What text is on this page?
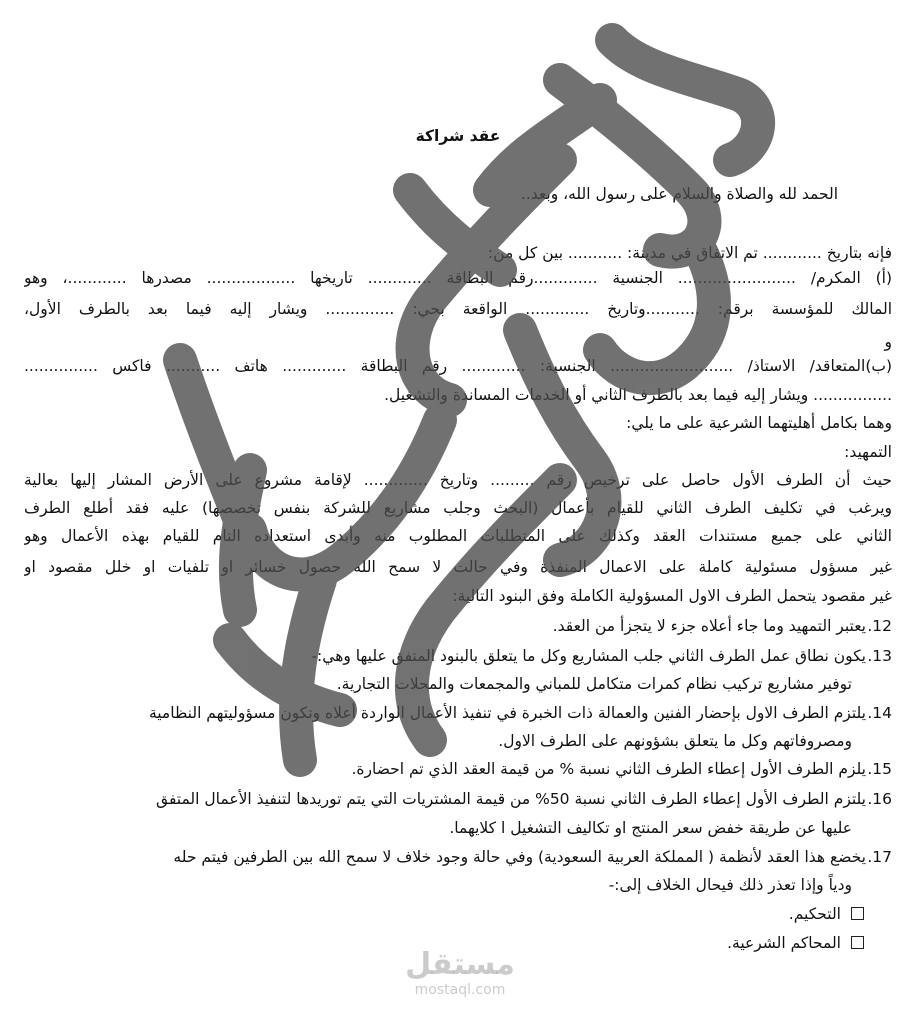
عقد شراكة
الحمد لله والصلاة والسلام على رسول الله، وبعد..
فإنه بتاريخ ............ تم الاتفاق في مدينة: ........... بين كل من:
(أ) المكرم/ ........................ الجنسية .............رقم البطاقة ............. تاريخها .................. مصدرها ............، وهو
المالك للمؤسسة برقم: ...........وتاريخ ............. الواقعة بحي: .............. ويشار إليه فيما بعد بالطرف الأول،
و
(ب)المتعاقد/ الاستاذ/ ......................... الجنسية: ............. رقم البطاقة ............. هاتف ........... فاكس ...............
................ ويشار إليه فيما بعد بالطرف الثاني أو الخدمات المساندة والتشغيل.
وهما بكامل أهليتهما الشرعية على ما يلي:
التمهيد:
حيث أن الطرف الأول حاصل على ترخيص رقم ......... وتاريخ ............. لإقامة مشروع على الأرض المشار إليها بعالية
ويرغب في تكليف الطرف الثاني للقيام بأعمال (البحث وجلب مشاريع للشركة بنفس تخصصها) عليه فقد أطلع الطرف
الثاني على جميع مستندات العقد وكذلك على المتطلبات المطلوب منه وأبدى استعداده التام للقيام بهذه الأعمال وهو
غير مسؤول مسئولية كاملة على الاعمال المنفذة وفي حالت لا سمح الله حصول خسائر او تلفيات او خلل مقصود او
غير مقصود يتحمل الطرف الاول المسؤولية الكاملة وفق البنود التالية:
12.يعتبر التمهيد وما جاء أعلاه جزء لا يتجزأ من العقد.
13.يكون نطاق عمل الطرف الثاني جلب المشاريع وكل ما يتعلق بالبنود المتفق عليها وهي:-
توفير مشاريع تركيب نظام كمرات متكامل للمباني والمجمعات والمحلات التجارية.
14.يلتزم الطرف الاول بإحضار الفنين والعمالة ذات الخبرة في تنفيذ الأعمال الواردة أعلاه وتكون مسؤوليتهم النظامية
ومصروفاتهم وكل ما يتعلق بشؤونهم على الطرف الاول.
15.يلزم الطرف الأول إعطاء الطرف الثاني نسبة % من قيمة العقد الذي تم احضارة.
16.يلتزم الطرف الأول إعطاء الطرف الثاني نسبة 50% من قيمة المشتريات التي يتم توريدها لتنفيذ الأعمال المتفق
عليها عن طريقة خفض سعر المنتج او تكاليف التشغيل ا كلايهما.
17.يخضع هذا العقد لأنظمة ( المملكة العربية السعودية) وفي حالة وجود خلاف لا سمح الله بين الطرفين فيتم حله
ودياً وإذا تعذر ذلك فيحال الخلاف إلى:-
التحكيم.
المحاكم الشرعية.
مستقل
mostaql.com
